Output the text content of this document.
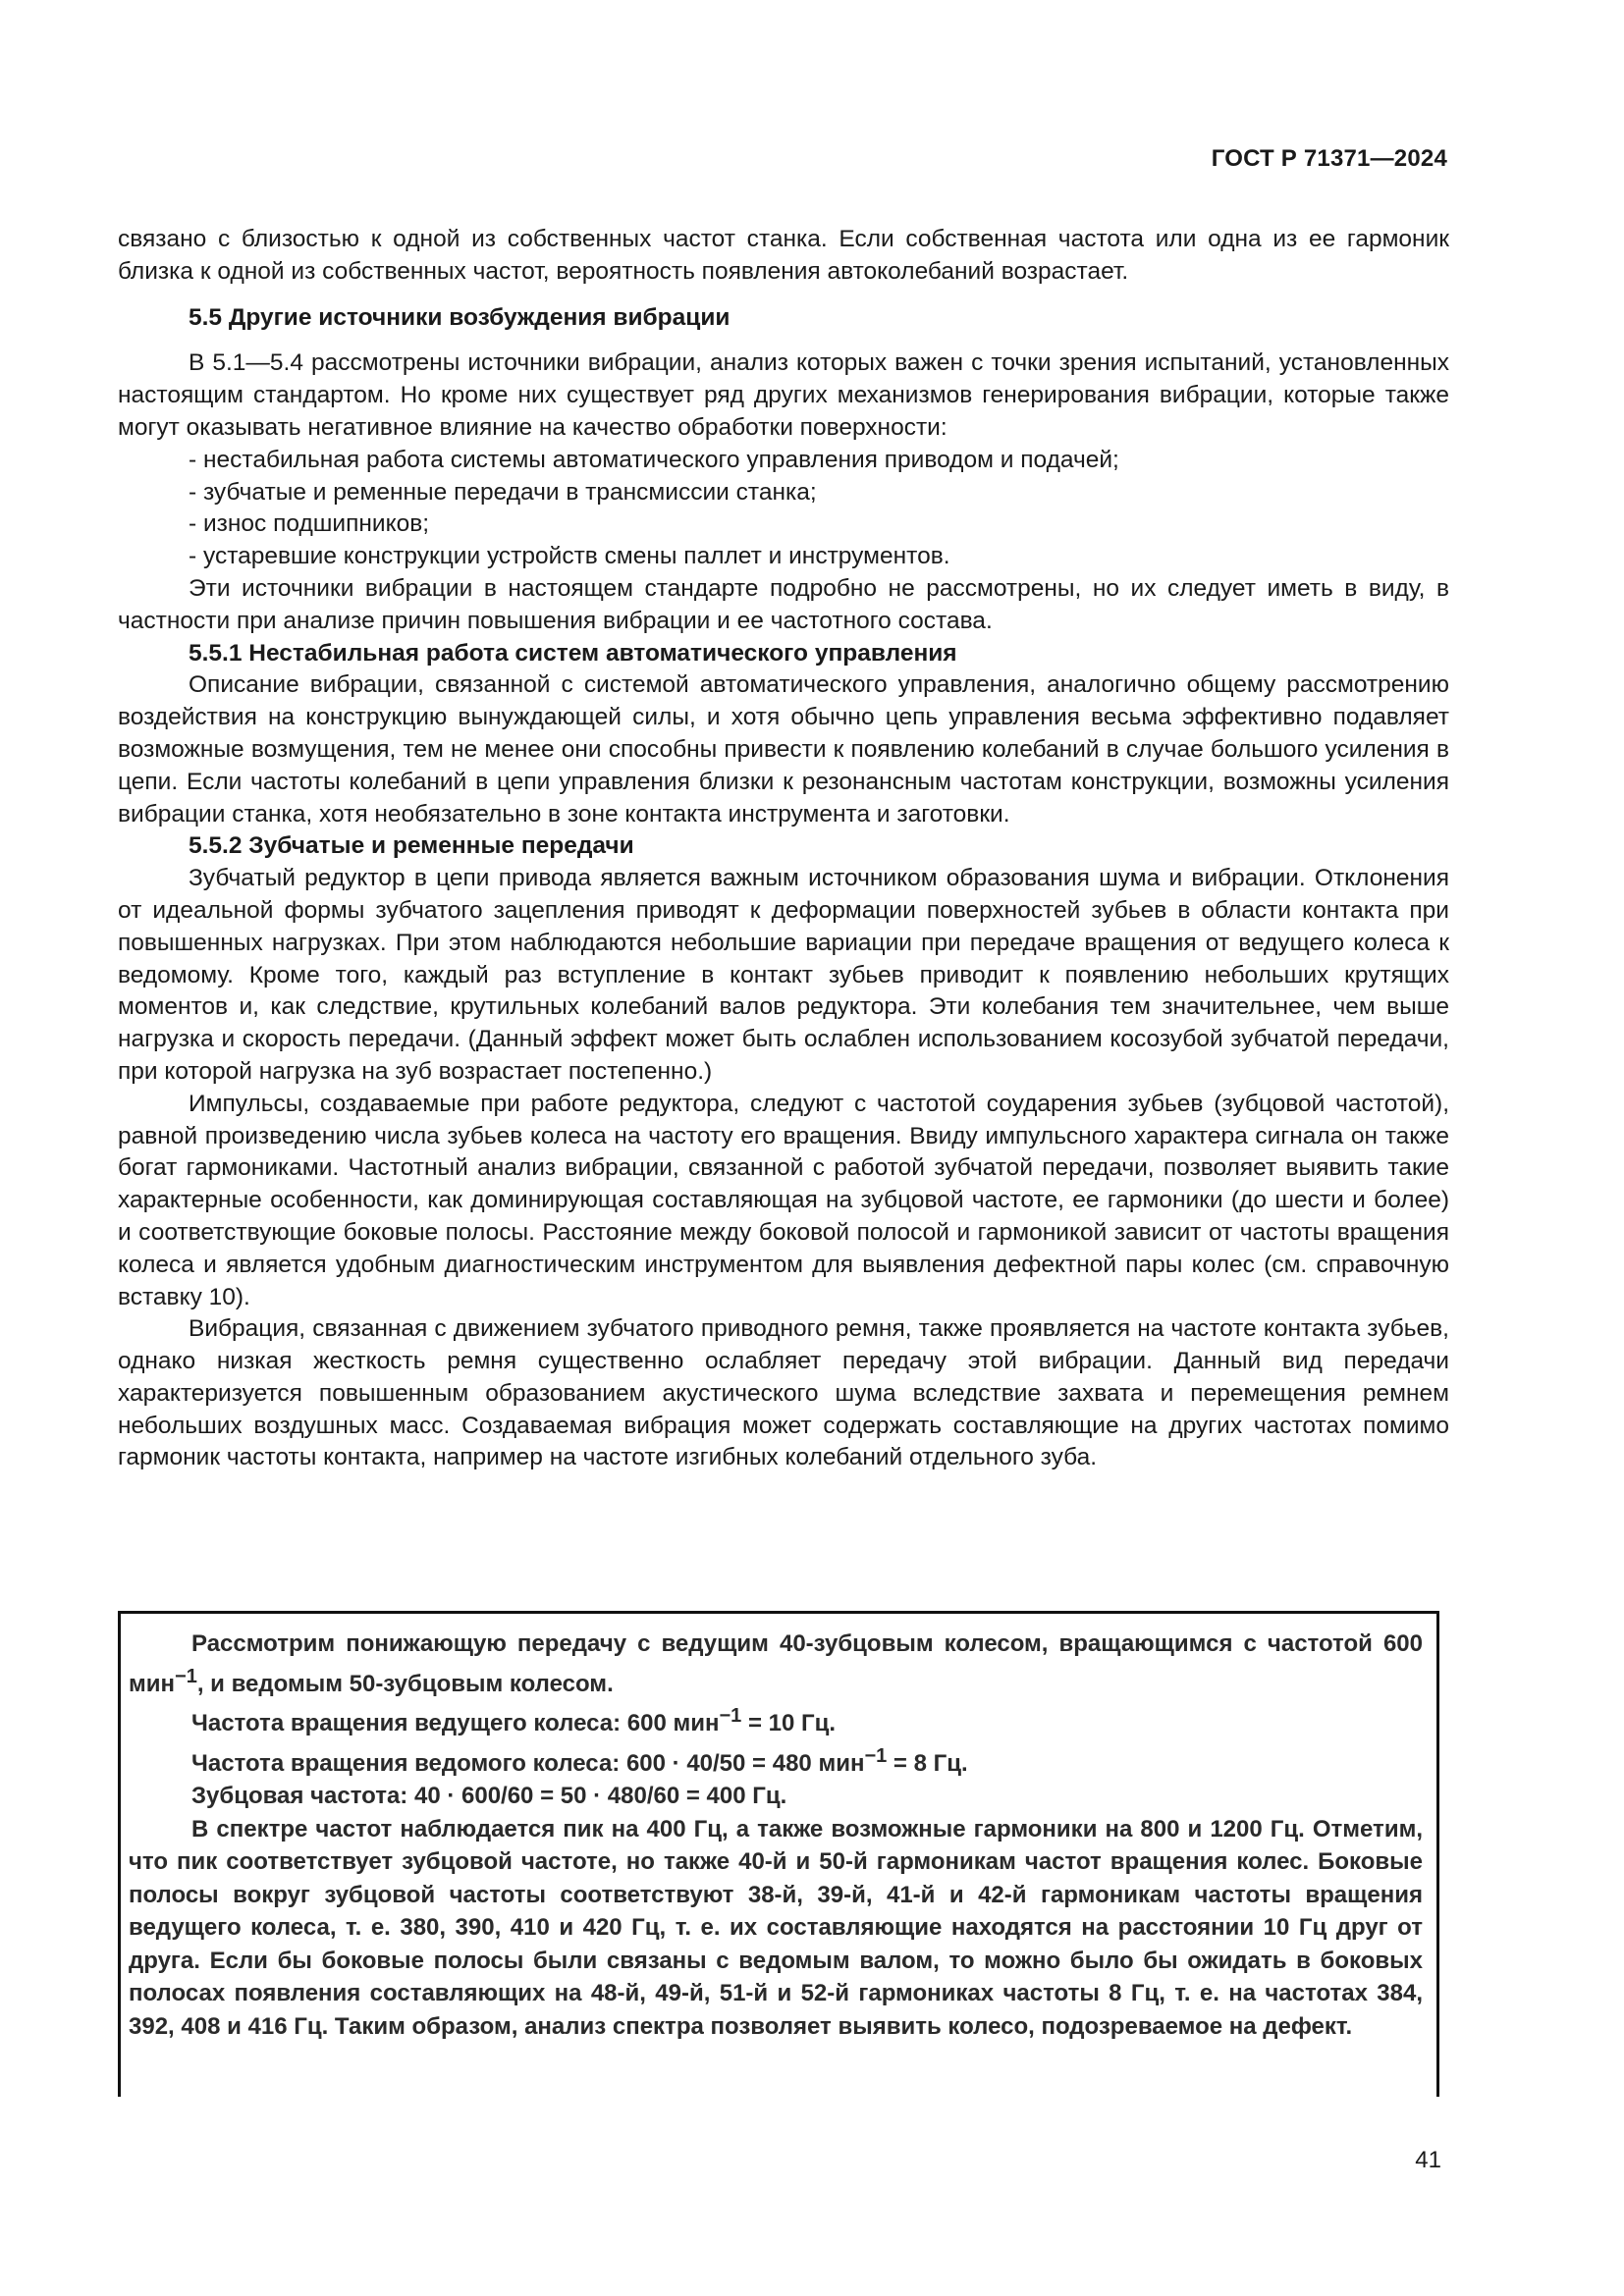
ГОСТ Р 71371—2024

связано с близостью к одной из собственных частот станка. Если собственная частота или одна из ее гармоник близка к одной из собственных частот, вероятность появления автоколебаний возрастает.

5.5 Другие источники возбуждения вибрации

В 5.1—5.4 рассмотрены источники вибрации, анализ которых важен с точки зрения испытаний, установленных настоящим стандартом. Но кроме них существует ряд других механизмов генерирования вибрации, которые также могут оказывать негативное влияние на качество обработки поверхности:

- нестабильная работа системы автоматического управления приводом и подачей;
- зубчатые и ременные передачи в трансмиссии станка;
- износ подшипников;
- устаревшие конструкции устройств смены паллет и инструментов.

Эти источники вибрации в настоящем стандарте подробно не рассмотрены, но их следует иметь в виду, в частности при анализе причин повышения вибрации и ее частотного состава.

5.5.1 Нестабильная работа систем автоматического управления

Описание вибрации, связанной с системой автоматического управления, аналогично общему рассмотрению воздействия на конструкцию вынуждающей силы, и хотя обычно цепь управления весьма эффективно подавляет возможные возмущения, тем не менее они способны привести к появлению колебаний в случае большого усиления в цепи. Если частоты колебаний в цепи управления близки к резонансным частотам конструкции, возможны усиления вибрации станка, хотя необязательно в зоне контакта инструмента и заготовки.

5.5.2 Зубчатые и ременные передачи

Зубчатый редуктор в цепи привода является важным источником образования шума и вибрации. Отклонения от идеальной формы зубчатого зацепления приводят к деформации поверхностей зубьев в области контакта при повышенных нагрузках. При этом наблюдаются небольшие вариации при передаче вращения от ведущего колеса к ведомому. Кроме того, каждый раз вступление в контакт зубьев приводит к появлению небольших крутящих моментов и, как следствие, крутильных колебаний валов редуктора. Эти колебания тем значительнее, чем выше нагрузка и скорость передачи. (Данный эффект может быть ослаблен использованием косозубой зубчатой передачи, при которой нагрузка на зуб возрастает постепенно.)

Импульсы, создаваемые при работе редуктора, следуют с частотой соударения зубьев (зубцовой частотой), равной произведению числа зубьев колеса на частоту его вращения. Ввиду импульсного характера сигнала он также богат гармониками. Частотный анализ вибрации, связанной с работой зубчатой передачи, позволяет выявить такие характерные особенности, как доминирующая составляющая на зубцовой частоте, ее гармоники (до шести и более) и соответствующие боковые полосы. Расстояние между боковой полосой и гармоникой зависит от частоты вращения колеса и является удобным диагностическим инструментом для выявления дефектной пары колес (см. справочную вставку 10).

Вибрация, связанная с движением зубчатого приводного ремня, также проявляется на частоте контакта зубьев, однако низкая жесткость ремня существенно ослабляет передачу этой вибрации. Данный вид передачи характеризуется повышенным образованием акустического шума вследствие захвата и перемещения ремнем небольших воздушных масс. Создаваемая вибрация может содержать составляющие на других частотах помимо гармоник частоты контакта, например на частоте изгибных колебаний отдельного зуба.

Рассмотрим понижающую передачу с ведущим 40-зубцовым колесом, вращающимся с частотой 600 мин$^{-1}$, и ведомым 50-зубцовым колесом.

Частота вращения ведущего колеса: 600 мин$^{-1}$ = 10 Гц.

Частота вращения ведомого колеса: 600 · 40/50 = 480 мин$^{-1}$ = 8 Гц.

Зубцовая частота: 40 · 600/60 = 50 · 480/60 = 400 Гц.

В спектре частот наблюдается пик на 400 Гц, а также возможные гармоники на 800 и 1200 Гц. Отметим, что пик соответствует зубцовой частоте, но также 40-й и 50-й гармоникам частот вращения колес. Боковые полосы вокруг зубцовой частоты соответствуют 38-й, 39-й, 41-й и 42-й гармоникам частоты вращения ведущего колеса, т. е. 380, 390, 410 и 420 Гц, т. е. их составляющие находятся на расстоянии 10 Гц друг от друга. Если бы боковые полосы были связаны с ведомым валом, то можно было бы ожидать в боковых полосах появления составляющих на 48-й, 49-й, 51-й и 52-й гармониках частоты 8 Гц, т. е. на частотах 384, 392, 408 и 416 Гц. Таким образом, анализ спектра позволяет выявить колесо, подозреваемое на дефект.

41
